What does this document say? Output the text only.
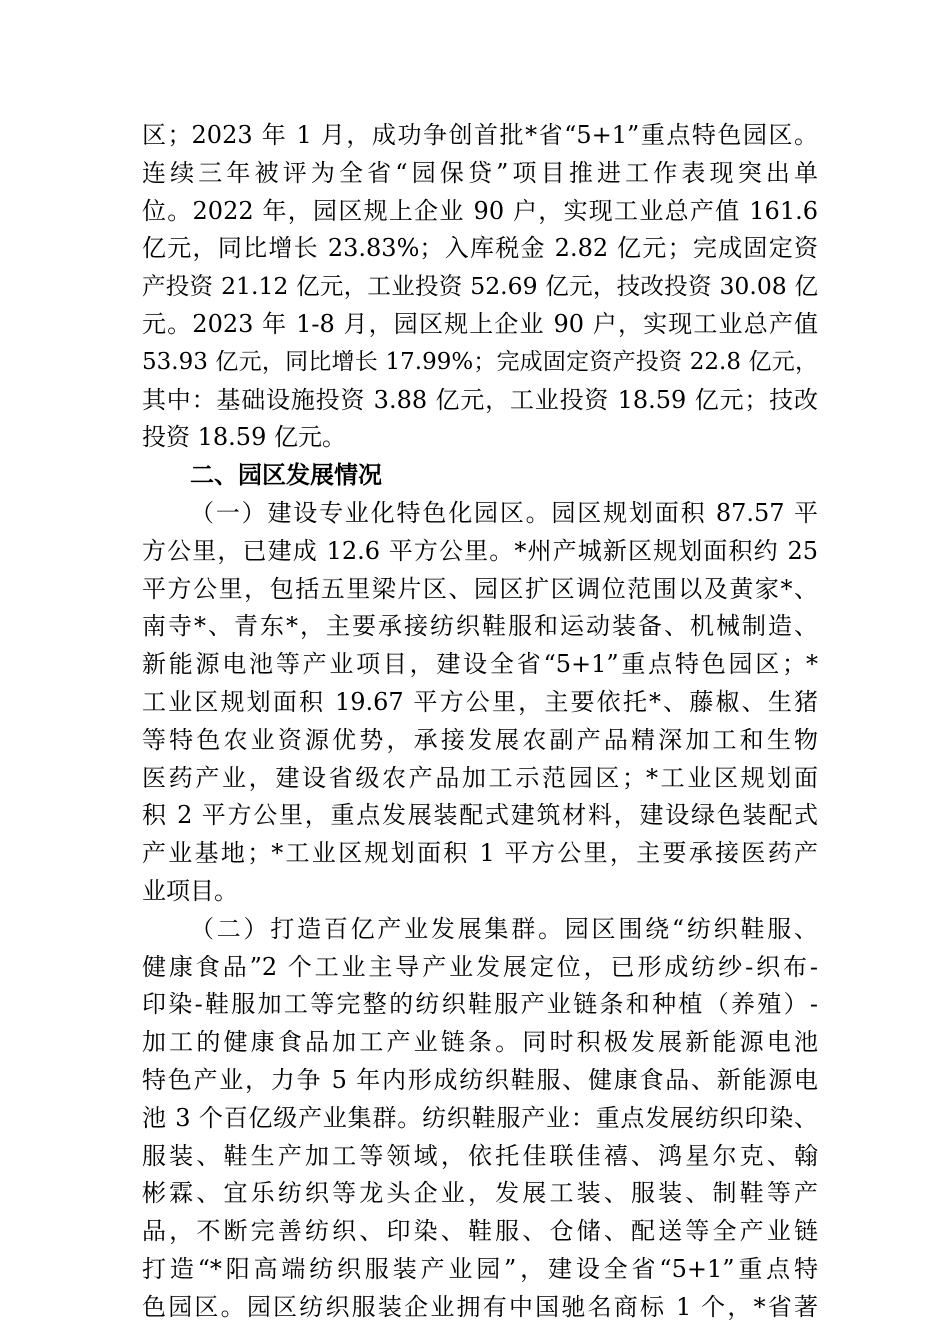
区；2023 年 1 月，成功争创首批*省“5+1”重点特色园区。
连续三年被评为全省“园保贷”项目推进工作表现突出单
位。2022 年，园区规上企业 90 户，实现工业总产值 161.6
亿元，同比增长 23.83%；入库税金 2.82 亿元；完成固定资
产投资 21.12 亿元，工业投资 52.69 亿元，技改投资 30.08 亿
元。2023 年 1-8 月，园区规上企业 90 户，实现工业总产值
53.93 亿元，同比增长 17.99%；完成固定资产投资 22.8 亿元，
其中：基础设施投资 3.88 亿元，工业投资 18.59 亿元；技改
投资 18.59 亿元。
二、园区发展情况
（一）建设专业化特色化园区。园区规划面积 87.57 平
方公里，已建成 12.6 平方公里。*州产城新区规划面积约 25
平方公里，包括五里梁片区、园区扩区调位范围以及黄家*、
南寺*、青东*，主要承接纺织鞋服和运动装备、机械制造、
新能源电池等产业项目，建设全省“5+1”重点特色园区；*
工业区规划面积 19.67 平方公里，主要依托*、藤椒、生猪
等特色农业资源优势，承接发展农副产品精深加工和生物
医药产业，建设省级农产品加工示范园区；*工业区规划面
积 2 平方公里，重点发展装配式建筑材料，建设绿色装配式
产业基地；*工业区规划面积 1 平方公里，主要承接医药产
业项目。
（二）打造百亿产业发展集群。园区围绕“纺织鞋服、
健康食品”2 个工业主导产业发展定位，已形成纺纱-织布-
印染-鞋服加工等完整的纺织鞋服产业链条和种植（养殖）-
加工的健康食品加工产业链条。同时积极发展新能源电池
特色产业，力争 5 年内形成纺织鞋服、健康食品、新能源电
池 3 个百亿级产业集群。纺织鞋服产业：重点发展纺织印染、
服装、鞋生产加工等领域，依托佳联佳禧、鸿星尔克、翰
彬霖、宜乐纺织等龙头企业，发展工装、服装、制鞋等产
品，不断完善纺织、印染、鞋服、仓储、配送等全产业链
打造“*阳高端纺织服装产业园”，建设全省“5+1”重点特
色园区。园区纺织服装企业拥有中国驰名商标 1 个，*省著
